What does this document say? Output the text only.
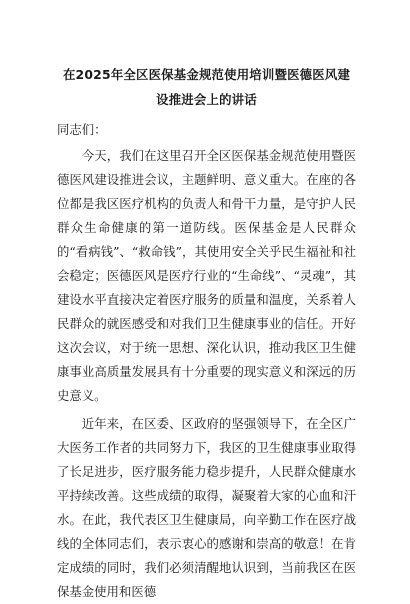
在2025年全区医保基金规范使用培训暨医德医风建设推进会上的讲话

同志们：

今天，我们在这里召开全区医保基金规范使用暨医德医风建设推进会议，主题鲜明、意义重大。在座的各位都是我区医疗机构的负责人和骨干力量，是守护人民群众生命健康的第一道防线。医保基金是人民群众的“看病钱”、“救命钱”，其使用安全关乎民生福祉和社会稳定；医德医风是医疗行业的“生命线”、“灵魂”，其建设水平直接决定着医疗服务的质量和温度，关系着人民群众的就医感受和对我们卫生健康事业的信任。开好这次会议，对于统一思想、深化认识，推动我区卫生健康事业高质量发展具有十分重要的现实意义和深远的历史意义。

近年来，在区委、区政府的坚强领导下，在全区广大医务工作者的共同努力下，我区的卫生健康事业取得了长足进步，医疗服务能力稳步提升，人民群众健康水平持续改善。这些成绩的取得，凝聚着大家的心血和汗水。在此，我代表区卫生健康局，向辛勤工作在医疗战线的全体同志们，表示衷心的感谢和崇高的敬意！在肯定成绩的同时，我们必须清醒地认识到，当前我区在医保基金使用和医德
